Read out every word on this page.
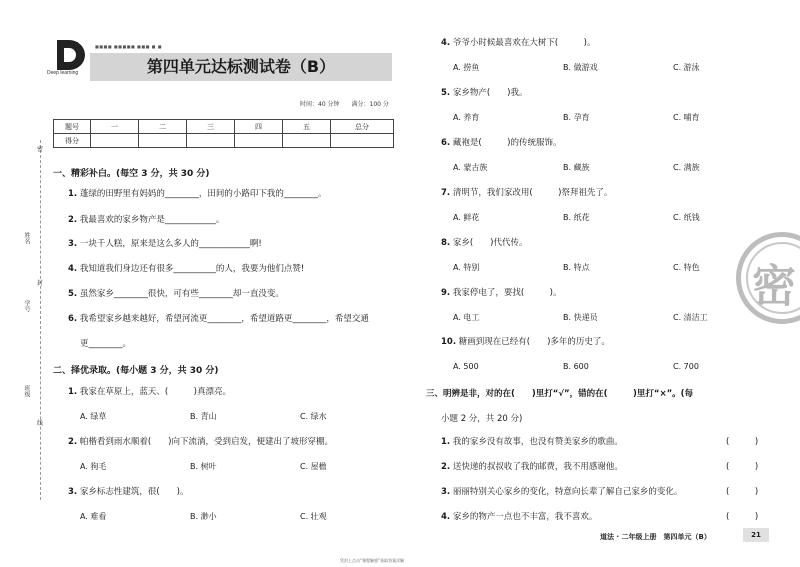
Deep learning
■■■■ ■■■■■ ■■■ ■ ■
第四单元达标测试卷（B）
时间：40 分钟　　满分：100 分
题号	一	二	三	四	五	总分
得分						
密
姓名
封
学号
班级
线
一、精彩补白。(每空 3 分，共 30 分)
1. 蓬绿的田野里有妈妈的________，田间的小路印下我的________。
2. 我最喜欢的家乡物产是____________。
3. 一块千人糕，原来是这么多人的____________啊!
4. 我知道我们身边还有很多__________的人，我要为他们点赞!
5. 虽然家乡________很快，可有些________却一直没变。
6. 我希望家乡越来越好，希望河流更________，希望道路更________，希望交通
更________。
二、择优录取。(每小题 3 分，共 30 分)
1. 我家在草原上，蓝天、(　　　)真漂亮。
A. 绿草	B. 青山	C. 绿水
2. 帕楷看到雨水顺着(　　)向下流淌，受到启发，便建出了坡形穿棚。
A. 狗毛	B. 树叶	C. 屋檐
3. 家乡标志性建筑，很(　　)。
A. 难看	B. 渺小	C. 壮观
4. 爷爷小时候最喜欢在大树下(　　　)。
A. 捞鱼	B. 做游戏	C. 游泳
5. 家乡物产(　　)我。
A. 养育	B. 孕育	C. 哺育
6. 藏袍是(　　　)的传统服饰。
A. 蒙古族	B. 藏族	C. 满族
7. 清明节，我们家改用(　　　)祭拜祖先了。
A. 鲜花	B. 纸花	C. 纸钱
8. 家乡(　　)代代传。
A. 特别	B. 特点	C. 特色
9. 我家停电了，要找(　　　)。
A. 电工	B. 快递员	C. 清洁工
10. 糖画到现在已经有(　　)多年的历史了。
A. 500	B. 600	C. 700
三、明辨是非，对的在(　　)里打“√”，错的在(　　　)里打“×”。(每
小题 2 分，共 20 分)
1. 我的家乡没有故事，也没有赞美家乡的歌曲。	(　　　)
2. 送快递的叔叔收了我的邮费，我不用感谢他。	(　　　)
3. 丽丽特别关心家乡的变化，特意向长辈了解自己家乡的变化。	(　　　)
4. 家乡的物产一点也不丰富，我不喜欢。	(　　　)
密
道法 · 二年级上册　第四单元（B）	21
凭封上点击“课程解惑”获取答案详解
